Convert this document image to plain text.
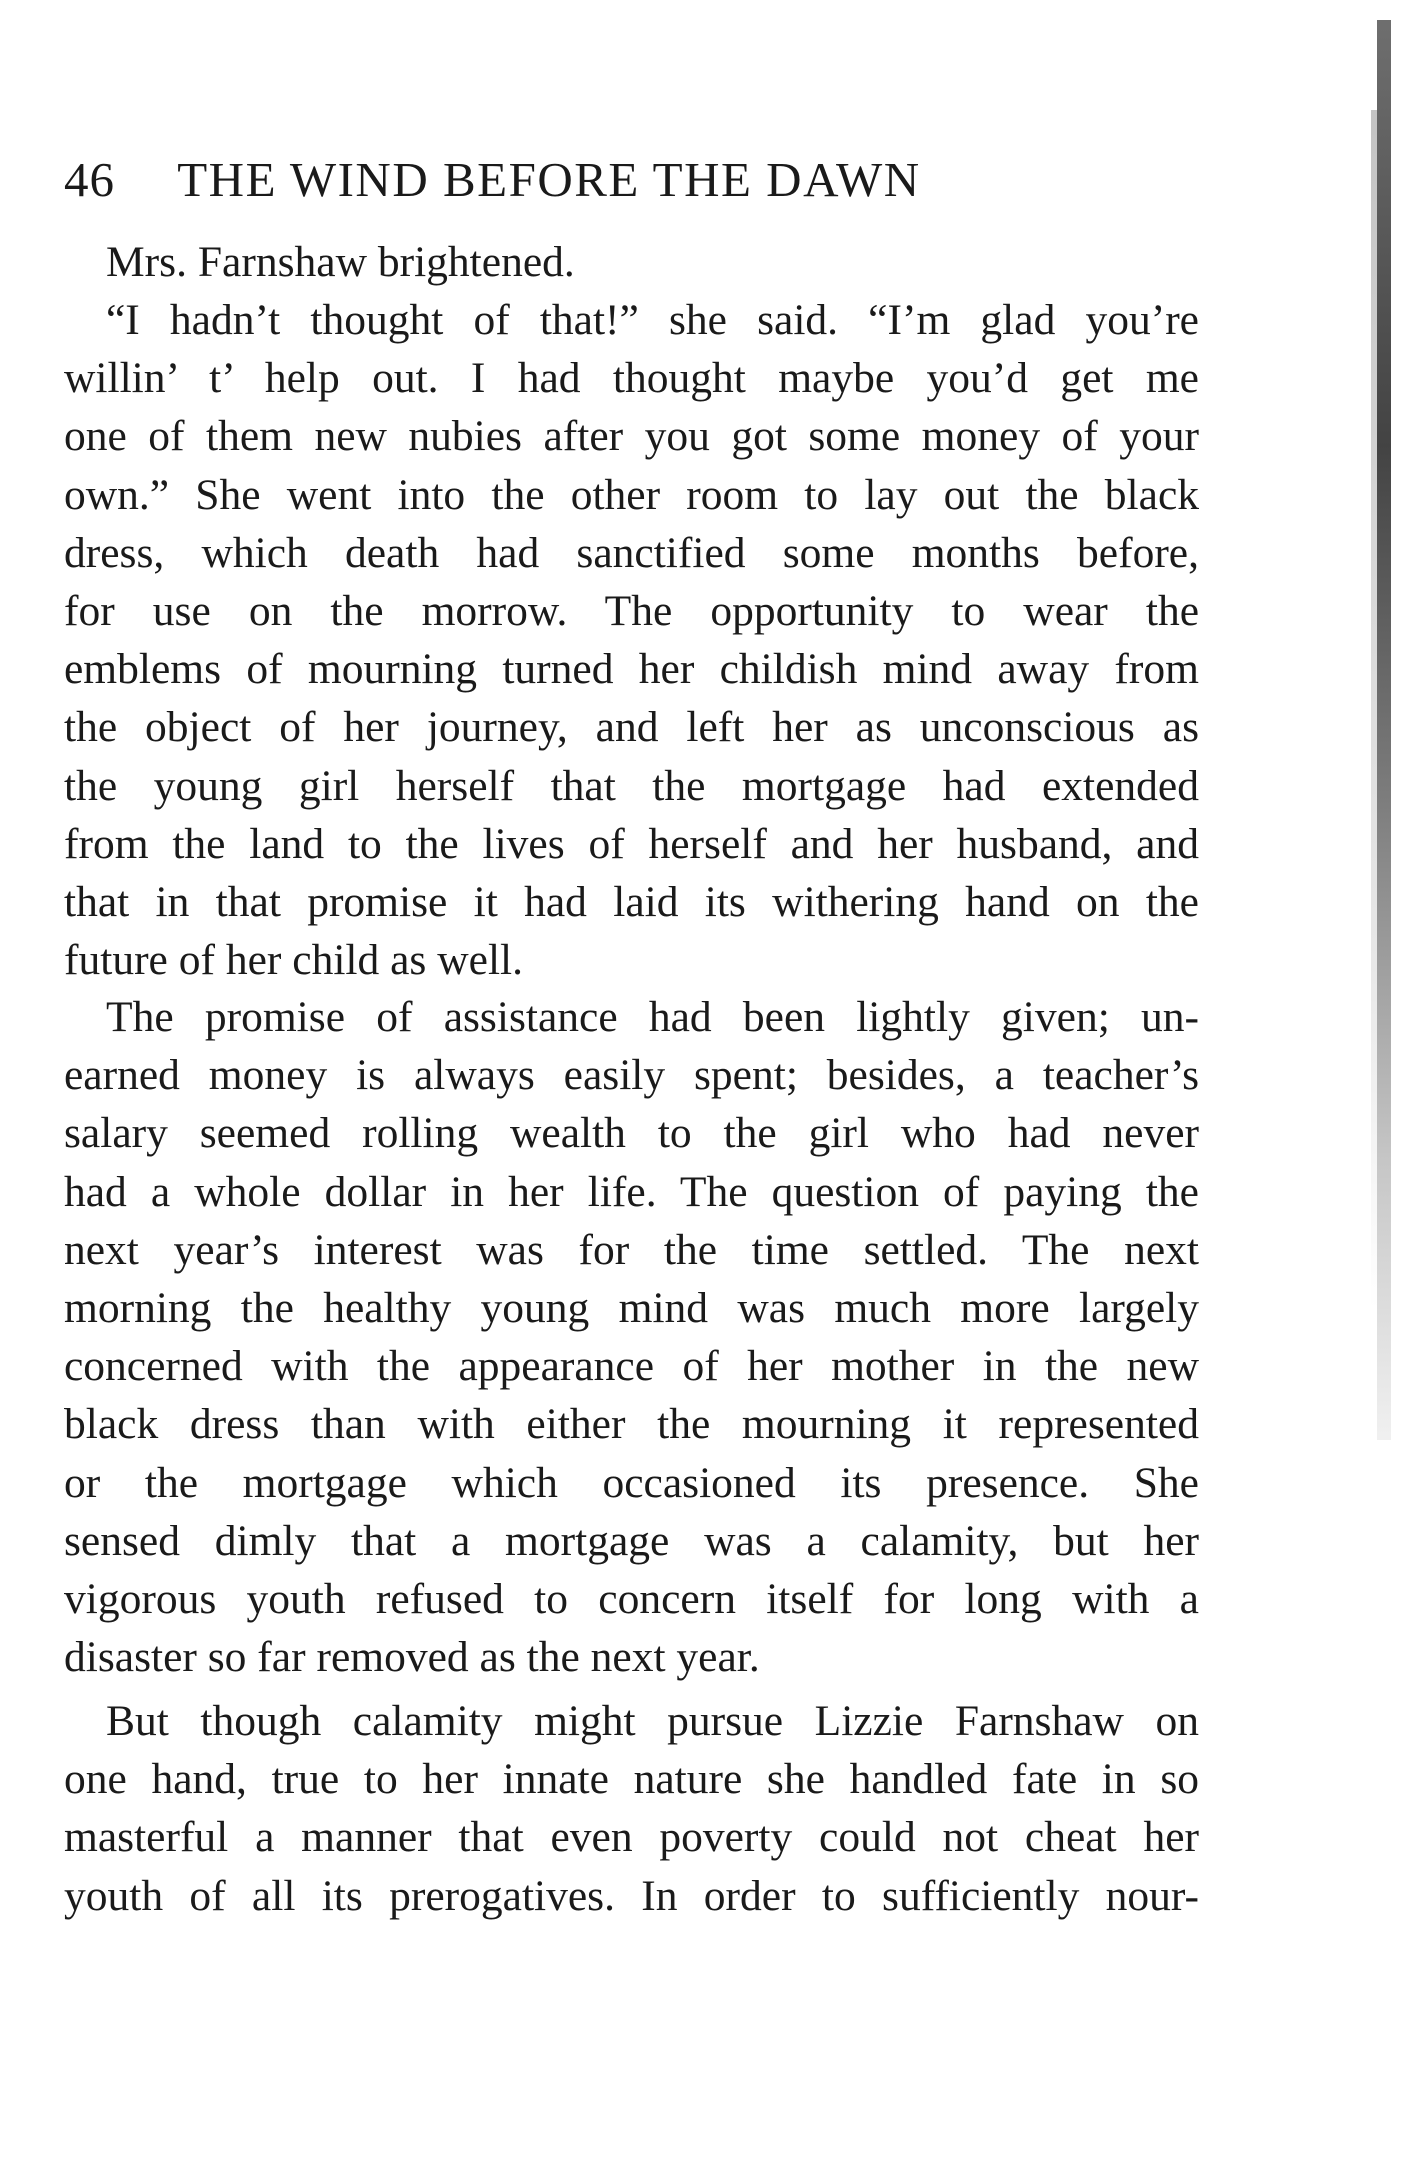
46 THE WIND BEFORE THE DAWN
Mrs. Farnshaw brightened.
“I hadn’t thought of that!” she said. “I’m glad you’re
willin’ t’ help out. I had thought maybe you’d get me
one of them new nubies after you got some money of your
own.” She went into the other room to lay out the black
dress, which death had sanctified some months before,
for use on the morrow. The opportunity to wear the
emblems of mourning turned her childish mind away from
the object of her journey, and left her as unconscious as
the young girl herself that the mortgage had extended
from the land to the lives of herself and her husband, and
that in that promise it had laid its withering hand on the
future of her child as well.
The promise of assistance had been lightly given; un-
earned money is always easily spent; besides, a teacher’s
salary seemed rolling wealth to the girl who had never
had a whole dollar in her life. The question of paying the
next year’s interest was for the time settled. The next
morning the healthy young mind was much more largely
concerned with the appearance of her mother in the new
black dress than with either the mourning it represented
or the mortgage which occasioned its presence. She
sensed dimly that a mortgage was a calamity, but her
vigorous youth refused to concern itself for long with a
disaster so far removed as the next year.
But though calamity might pursue Lizzie Farnshaw on
one hand, true to her innate nature she handled fate in so
masterful a manner that even poverty could not cheat her
youth of all its prerogatives. In order to sufficiently nour-
